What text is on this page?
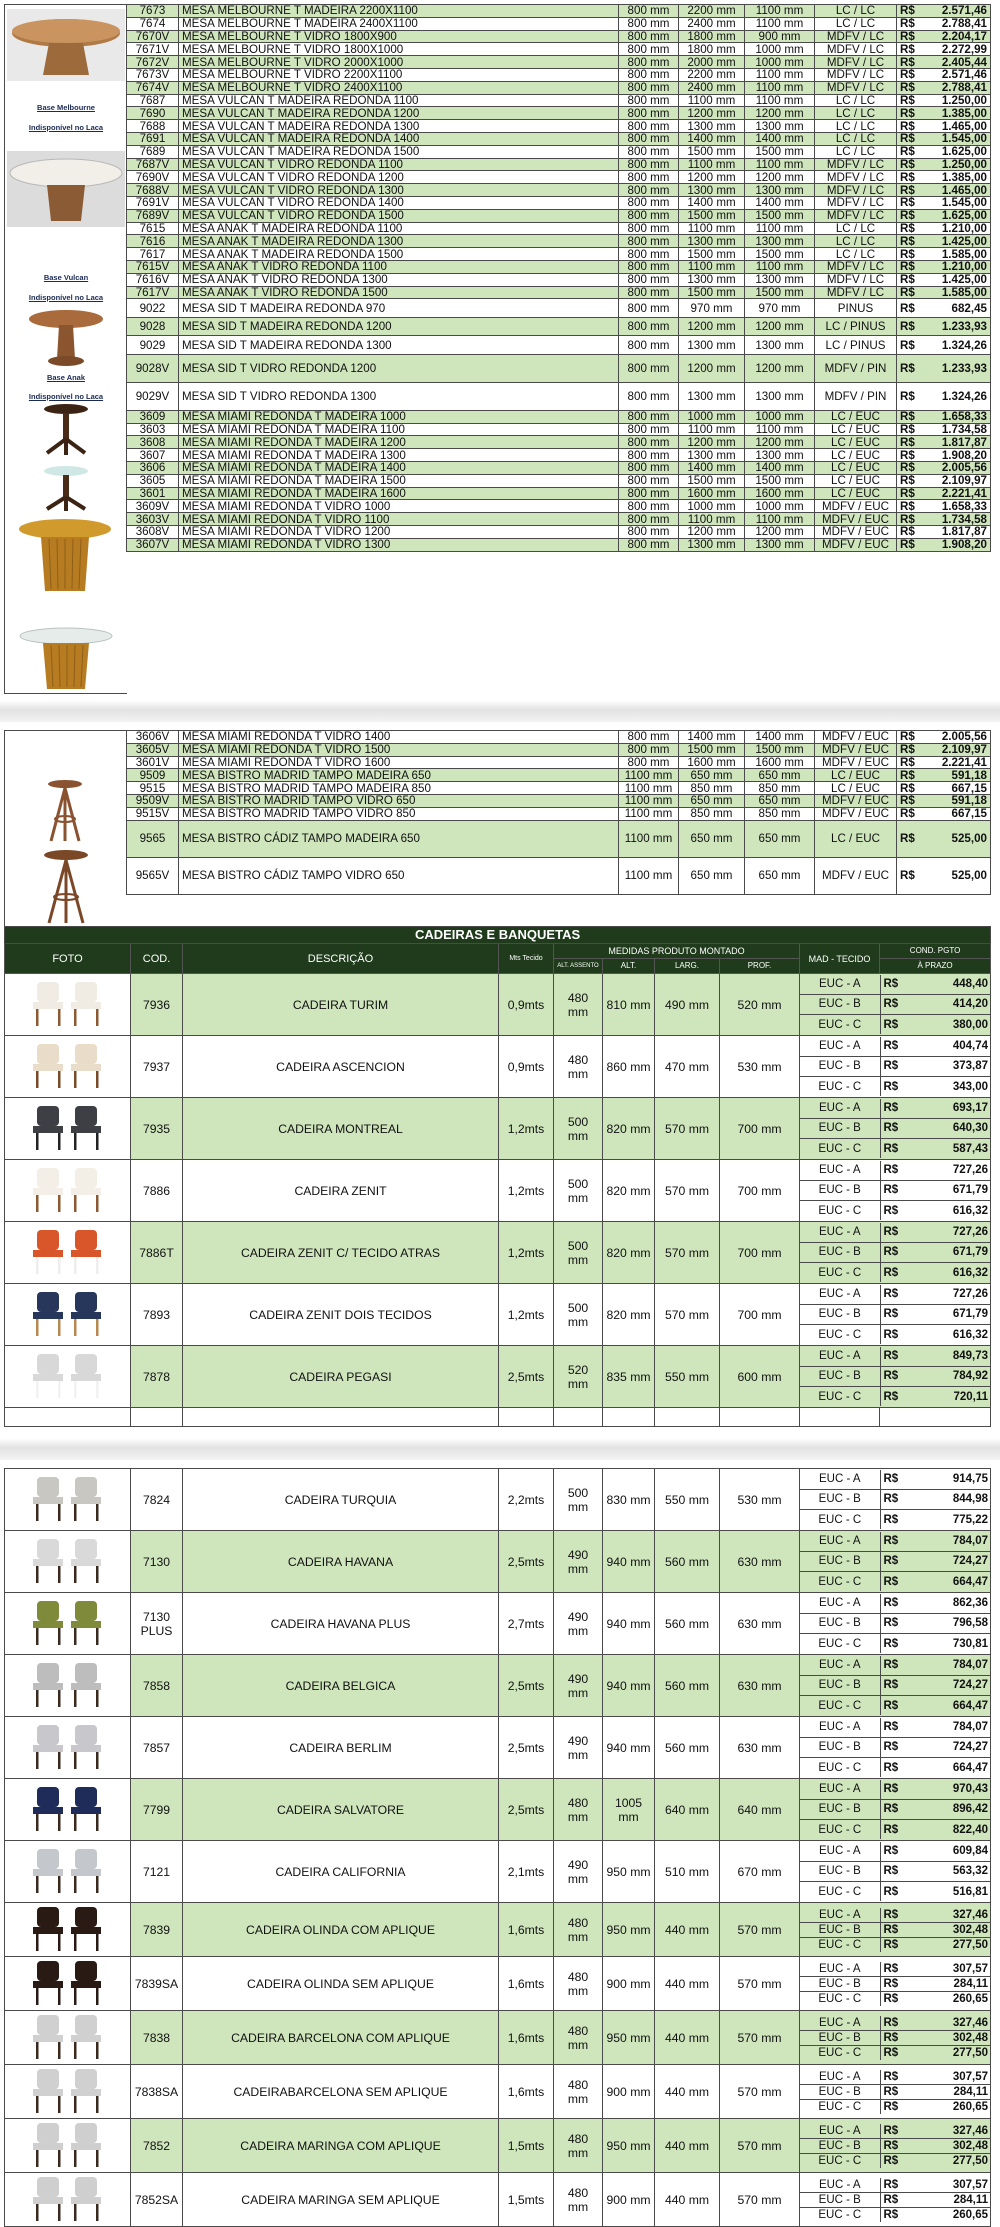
Base Melbourne
Indisponível no Laca
Base Vulcan
Indisponível no Laca
Base Anak
Indisponível no Laca
7673	MESA MELBOURNE T MADEIRA 2200X1100	800 mm	2200 mm	1100 mm	LC / LC	R$ 2.571,46

7674	MESA MELBOURNE T MADEIRA 2400X1100	800 mm	2400 mm	1100 mm	LC / LC	R$ 2.788,41

7670V	MESA MELBOURNE T VIDRO 1800X900	800 mm	1800 mm	900 mm	MDFV / LC	R$ 2.204,17

7671V	MESA MELBOURNE T VIDRO 1800X1000	800 mm	1800 mm	1000 mm	MDFV / LC	R$ 2.272,99

7672V	MESA MELBOURNE T VIDRO 2000X1000	800 mm	2000 mm	1000 mm	MDFV / LC	R$ 2.405,44

7673V	MESA MELBOURNE T VIDRO 2200X1100	800 mm	2200 mm	1100 mm	MDFV / LC	R$ 2.571,46

7674V	MESA MELBOURNE T VIDRO 2400X1100	800 mm	2400 mm	1100 mm	MDFV / LC	R$ 2.788,41

7687	MESA VULCAN T MADEIRA REDONDA 1100	800 mm	1100 mm	1100 mm	LC / LC	R$ 1.250,00

7690	MESA VULCAN T MADEIRA REDONDA 1200	800 mm	1200 mm	1200 mm	LC / LC	R$ 1.385,00

7688	MESA VULCAN T MADEIRA REDONDA 1300	800 mm	1300 mm	1300 mm	LC / LC	R$ 1.465,00

7691	MESA VULCAN T MADEIRA REDONDA 1400	800 mm	1400 mm	1400 mm	LC / LC	R$ 1.545,00

7689	MESA VULCAN T MADEIRA REDONDA 1500	800 mm	1500 mm	1500 mm	LC / LC	R$ 1.625,00

7687V	MESA VULCAN T VIDRO REDONDA 1100	800 mm	1100 mm	1100 mm	MDFV / LC	R$ 1.250,00

7690V	MESA VULCAN T VIDRO REDONDA 1200	800 mm	1200 mm	1200 mm	MDFV / LC	R$ 1.385,00

7688V	MESA VULCAN T VIDRO REDONDA 1300	800 mm	1300 mm	1300 mm	MDFV / LC	R$ 1.465,00

7691V	MESA VULCAN T VIDRO REDONDA 1400	800 mm	1400 mm	1400 mm	MDFV / LC	R$ 1.545,00

7689V	MESA VULCAN T VIDRO REDONDA 1500	800 mm	1500 mm	1500 mm	MDFV / LC	R$ 1.625,00

7615	MESA ANAK T MADEIRA REDONDA 1100	800 mm	1100 mm	1100 mm	LC / LC	R$ 1.210,00

7616	MESA ANAK T MADEIRA REDONDA 1300	800 mm	1300 mm	1300 mm	LC / LC	R$ 1.425,00

7617	MESA ANAK T MADEIRA REDONDA 1500	800 mm	1500 mm	1500 mm	LC / LC	R$ 1.585,00

7615V	MESA ANAK T VIDRO REDONDA 1100	800 mm	1100 mm	1100 mm	MDFV / LC	R$ 1.210,00

7616V	MESA ANAK T VIDRO REDONDA 1300	800 mm	1300 mm	1300 mm	MDFV / LC	R$ 1.425,00

7617V	MESA ANAK T VIDRO REDONDA 1500	800 mm	1500 mm	1500 mm	MDFV / LC	R$ 1.585,00

9022	MESA SID T MADEIRA REDONDA 970	800 mm	970 mm	970 mm	PINUS	R$ 682,45

9028	MESA SID T MADEIRA REDONDA 1200	800 mm	1200 mm	1200 mm	LC / PINUS	R$ 1.233,93

9029	MESA SID T MADEIRA REDONDA 1300	800 mm	1300 mm	1300 mm	LC / PINUS	R$ 1.324,26

9028V	MESA SID T VIDRO REDONDA 1200	800 mm	1200 mm	1200 mm	MDFV / PIN	R$ 1.233,93

9029V	MESA SID T VIDRO REDONDA 1300	800 mm	1300 mm	1300 mm	MDFV / PIN	R$ 1.324,26

3609	MESA MIAMI REDONDA T MADEIRA 1000	800 mm	1000 mm	1000 mm	LC / EUC	R$ 1.658,33

3603	MESA MIAMI REDONDA T MADEIRA 1100	800 mm	1100 mm	1100 mm	LC / EUC	R$ 1.734,58

3608	MESA MIAMI REDONDA T MADEIRA 1200	800 mm	1200 mm	1200 mm	LC / EUC	R$ 1.817,87

3607	MESA MIAMI REDONDA T MADEIRA 1300	800 mm	1300 mm	1300 mm	LC / EUC	R$ 1.908,20

3606	MESA MIAMI REDONDA T MADEIRA 1400	800 mm	1400 mm	1400 mm	LC / EUC	R$ 2.005,56

3605	MESA MIAMI REDONDA T MADEIRA 1500	800 mm	1500 mm	1500 mm	LC / EUC	R$ 2.109,97

3601	MESA MIAMI REDONDA T MADEIRA 1600	800 mm	1600 mm	1600 mm	LC / EUC	R$ 2.221,41

3609V	MESA MIAMI REDONDA T VIDRO 1000	800 mm	1000 mm	1000 mm	MDFV / EUC	R$ 1.658,33

3603V	MESA MIAMI REDONDA T VIDRO 1100	800 mm	1100 mm	1100 mm	MDFV / EUC	R$ 1.734,58

3608V	MESA MIAMI REDONDA T VIDRO 1200	800 mm	1200 mm	1200 mm	MDFV / EUC	R$ 1.817,87

3607V	MESA MIAMI REDONDA T VIDRO 1300	800 mm	1300 mm	1300 mm	MDFV / EUC	R$ 1.908,20
3606V	MESA MIAMI REDONDA T VIDRO 1400	800 mm	1400 mm	1400 mm	MDFV / EUC	R$ 2.005,56

3605V	MESA MIAMI REDONDA T VIDRO 1500	800 mm	1500 mm	1500 mm	MDFV / EUC	R$ 2.109,97

3601V	MESA MIAMI REDONDA T VIDRO 1600	800 mm	1600 mm	1600 mm	MDFV / EUC	R$ 2.221,41

9509	MESA BISTRO MADRID TAMPO MADEIRA 650	1100 mm	650 mm	650 mm	LC / EUC	R$ 591,18

9515	MESA BISTRO MADRID TAMPO MADEIRA 850	1100 mm	850 mm	850 mm	LC / EUC	R$ 667,15

9509V	MESA BISTRO MADRID TAMPO VIDRO 650	1100 mm	650 mm	650 mm	MDFV / EUC	R$ 591,18

9515V	MESA BISTRO MADRID TAMPO VIDRO 850	1100 mm	850 mm	850 mm	MDFV / EUC	R$ 667,15

9565	MESA BISTRO CÁDIZ TAMPO MADEIRA 650	1100 mm	650 mm	650 mm	LC / EUC	R$ 525,00

9565V	MESA BISTRO CÁDIZ TAMPO VIDRO 650	1100 mm	650 mm	650 mm	MDFV / EUC	R$ 525,00
CADEIRAS E BANQUETAS
FOTO	COD.	DESCRIÇÃO	Mts Tecido	MEDIDAS PRODUTO MONTADO	MAD - TECIDO	COND. PGTO
ALT. ASSENTO	ALT.	LARG.	PROF.	À PRAZO
	7936	CADEIRA TURIM	0,9mts	480 mm	810 mm	490 mm	520 mm	
EUC - A	R$	448,40
EUC - B	R$	414,20
EUC - C	R$	380,00

	7937	CADEIRA ASCENCION	0,9mts	480 mm	860 mm	470 mm	530 mm	
EUC - A	R$	404,74
EUC - B	R$	373,87
EUC - C	R$	343,00

	7935	CADEIRA MONTREAL	1,2mts	500 mm	820 mm	570 mm	700 mm	
EUC - A	R$	693,17
EUC - B	R$	640,30
EUC - C	R$	587,43

	7886	CADEIRA ZENIT	1,2mts	500 mm	820 mm	570 mm	700 mm	
EUC - A	R$	727,26
EUC - B	R$	671,79
EUC - C	R$	616,32

	7886T	CADEIRA ZENIT C/ TECIDO ATRAS	1,2mts	500 mm	820 mm	570 mm	700 mm	
EUC - A	R$	727,26
EUC - B	R$	671,79
EUC - C	R$	616,32

	7893	CADEIRA ZENIT DOIS TECIDOS	1,2mts	500 mm	820 mm	570 mm	700 mm	
EUC - A	R$	727,26
EUC - B	R$	671,79
EUC - C	R$	616,32

	7878	CADEIRA PEGASI	2,5mts	520 mm	835 mm	550 mm	600 mm	
EUC - A	R$	849,73
EUC - B	R$	784,92
EUC - C	R$	720,11

	7824	CADEIRA TURQUIA	2,2mts	500 mm	830 mm	550 mm	530 mm	
EUC - A	R$	914,75
EUC - B	R$	844,98
EUC - C	R$	775,22

	7130	CADEIRA HAVANA	2,5mts	490 mm	940 mm	560 mm	630 mm	
EUC - A	R$	784,07
EUC - B	R$	724,27
EUC - C	R$	664,47

	7130 PLUS	CADEIRA HAVANA PLUS	2,7mts	490 mm	940 mm	560 mm	630 mm	
EUC - A	R$	862,36
EUC - B	R$	796,58
EUC - C	R$	730,81

	7858	CADEIRA BELGICA	2,5mts	490 mm	940 mm	560 mm	630 mm	
EUC - A	R$	784,07
EUC - B	R$	724,27
EUC - C	R$	664,47

	7857	CADEIRA BERLIM	2,5mts	490 mm	940 mm	560 mm	630 mm	
EUC - A	R$	784,07
EUC - B	R$	724,27
EUC - C	R$	664,47

	7799	CADEIRA SALVATORE	2,5mts	480 mm	1005 mm	640 mm	640 mm	
EUC - A	R$	970,43
EUC - B	R$	896,42
EUC - C	R$	822,40

	7121	CADEIRA CALIFORNIA	2,1mts	490 mm	950 mm	510 mm	670 mm	
EUC - A	R$	609,84
EUC - B	R$	563,32
EUC - C	R$	516,81

	7839	CADEIRA OLINDA COM APLIQUE	1,6mts	480 mm	950 mm	440 mm	570 mm	
EUC - A	R$	327,46
EUC - B	R$	302,48
EUC - C	R$	277,50

	7839SA	CADEIRA OLINDA SEM APLIQUE	1,6mts	480 mm	900 mm	440 mm	570 mm	
EUC - A	R$	307,57
EUC - B	R$	284,11
EUC - C	R$	260,65

	7838	CADEIRA BARCELONA COM APLIQUE	1,6mts	480 mm	950 mm	440 mm	570 mm	
EUC - A	R$	327,46
EUC - B	R$	302,48
EUC - C	R$	277,50

	7838SA	CADEIRABARCELONA SEM APLIQUE	1,6mts	480 mm	900 mm	440 mm	570 mm	
EUC - A	R$	307,57
EUC - B	R$	284,11
EUC - C	R$	260,65

	7852	CADEIRA MARINGA COM APLIQUE	1,5mts	480 mm	950 mm	440 mm	570 mm	
EUC - A	R$	327,46
EUC - B	R$	302,48
EUC - C	R$	277,50

	7852SA	CADEIRA MARINGA SEM APLIQUE	1,5mts	480 mm	900 mm	440 mm	570 mm	
EUC - A	R$	307,57
EUC - B	R$	284,11
EUC - C	R$	260,65
